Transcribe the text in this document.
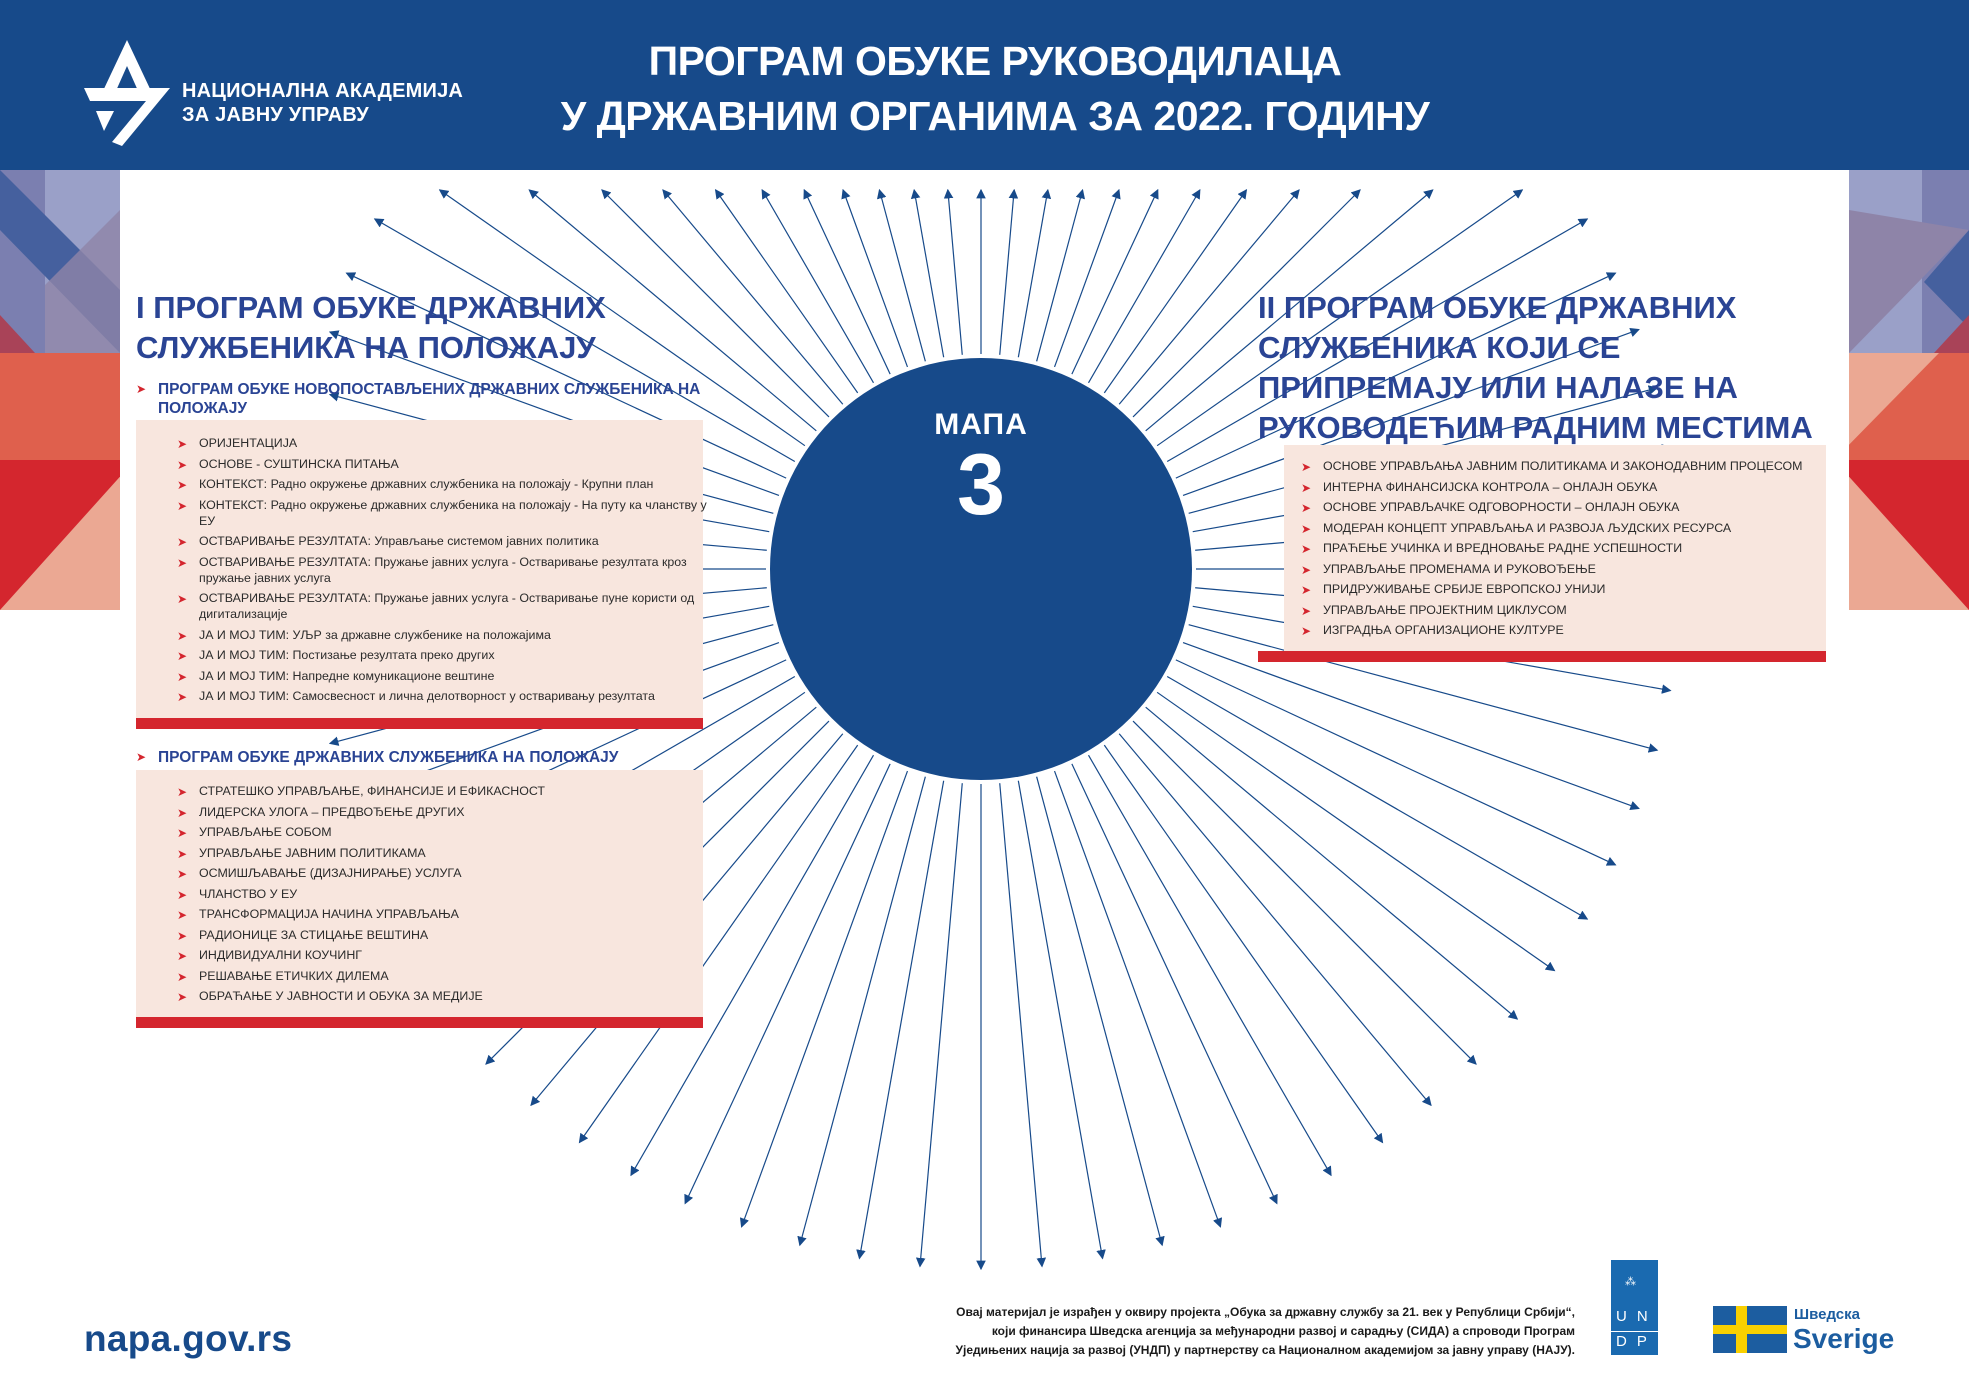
НАЦИОНАЛНА АКАДЕМИЈА
ЗА ЈАВНУ УПРАВУ
ПРОГРАМ ОБУКЕ РУКОВОДИЛАЦА
У ДРЖАВНИМ ОРГАНИМА ЗА 2022. ГОДИНУ
МАПА
3
I ПРОГРАМ ОБУКЕ ДРЖАВНИХ
СЛУЖБЕНИКА НА ПОЛОЖАЈУ
➤ ПРОГРАМ ОБУКЕ НОВОПОСТАВЉЕНИХ ДРЖАВНИХ СЛУЖБЕНИКА НА ПОЛОЖАЈУ
➤ ОРИЈЕНТАЦИЈА
➤ ОСНОВЕ - СУШТИНСКА ПИТАЊА
➤ КОНТЕКСТ: Радно окружење државних службеника на положају - Крупни план
➤ КОНТЕКСТ: Радно окружење државних службеника на положају - На путу ка чланству у ЕУ
➤ ОСТВАРИВАЊЕ РЕЗУЛТАТА: Управљање системом јавних политика
➤ ОСТВАРИВАЊЕ РЕЗУЛТАТА: Пружање јавних услуга - Остваривање резултата кроз пружање јавних услуга
➤ ОСТВАРИВАЊЕ РЕЗУЛТАТА: Пружање јавних услуга - Остваривање пуне користи од дигитализације
➤ ЈА И МОЈ ТИМ: УЉР за државне службенике на положајима
➤ ЈА И МОЈ ТИМ: Постизање резултата преко других
➤ ЈА И МОЈ ТИМ: Напредне комуникационе вештине
➤ ЈА И МОЈ ТИМ: Самосвесност и лична делотворност у остваривању резултата
➤ ПРОГРАМ ОБУКЕ ДРЖАВНИХ СЛУЖБЕНИКА НА ПОЛОЖАЈУ
➤ СТРАТЕШКО УПРАВЉАЊЕ, ФИНАНСИЈЕ И ЕФИКАСНОСТ
➤ ЛИДЕРСКА УЛОГА – ПРЕДВОЂЕЊЕ ДРУГИХ
➤ УПРАВЉАЊЕ СОБОМ
➤ УПРАВЉАЊЕ ЈАВНИМ ПОЛИТИКАМА
➤ ОСМИШЉАВАЊЕ (ДИЗАЈНИРАЊЕ) УСЛУГА
➤ ЧЛАНСТВО У ЕУ
➤ ТРАНСФОРМАЦИЈА НАЧИНА УПРАВЉАЊА
➤ РАДИОНИЦЕ ЗА СТИЦАЊЕ ВЕШТИНА
➤ ИНДИВИДУАЛНИ КОУЧИНГ
➤ РЕШАВАЊЕ ЕТИЧКИХ ДИЛЕМА
➤ ОБРАЋАЊЕ У ЈАВНОСТИ И ОБУКА ЗА МЕДИЈЕ
II ПРОГРАМ ОБУКЕ ДРЖАВНИХ
СЛУЖБЕНИКА КОЈИ СЕ
ПРИПРЕМАЈУ ИЛИ НАЛАЗЕ НА
РУКОВОДЕЋИМ РАДНИМ МЕСТИМА
➤ ОСНОВЕ УПРАВЉАЊА ЈАВНИМ ПОЛИТИКАМА И ЗАКОНОДАВНИМ ПРОЦЕСОМ
➤ ИНТЕРНА ФИНАНСИЈСКА КОНТРОЛА – ОНЛАЈН ОБУКА
➤ ОСНОВЕ УПРАВЉАЧКЕ ОДГОВОРНОСТИ – ОНЛАЈН ОБУКА
➤ МОДЕРАН КОНЦЕПТ УПРАВЉАЊА И РАЗВОЈА ЉУДСКИХ РЕСУРСА
➤ ПРАЋЕЊЕ УЧИНКА И ВРЕДНОВАЊЕ РАДНЕ УСПЕШНОСТИ
➤ УПРАВЉАЊЕ ПРОМЕНАМА И РУКОВОЂЕЊЕ
➤ ПРИДРУЖИВАЊЕ СРБИЈЕ ЕВРОПСКОЈ УНИЈИ
➤ УПРАВЉАЊЕ ПРОЈЕКТНИМ ЦИКЛУСОМ
➤ ИЗГРАДЊА ОРГАНИЗАЦИОНЕ КУЛТУРЕ
napa.gov.rs
Овај материјал је израђен у оквиру пројекта „Обука за државну службу за 21. век у Републици Србији“,
који финансира Шведска агенција за међународни развој и сарадњу (СИДА) а спроводи Програм
Уједињених нација за развој (УНДП) у партнерству са Националном академијом за јавну управу (НАЈУ).
⁂
UN
DP
Шведска
Sverige
